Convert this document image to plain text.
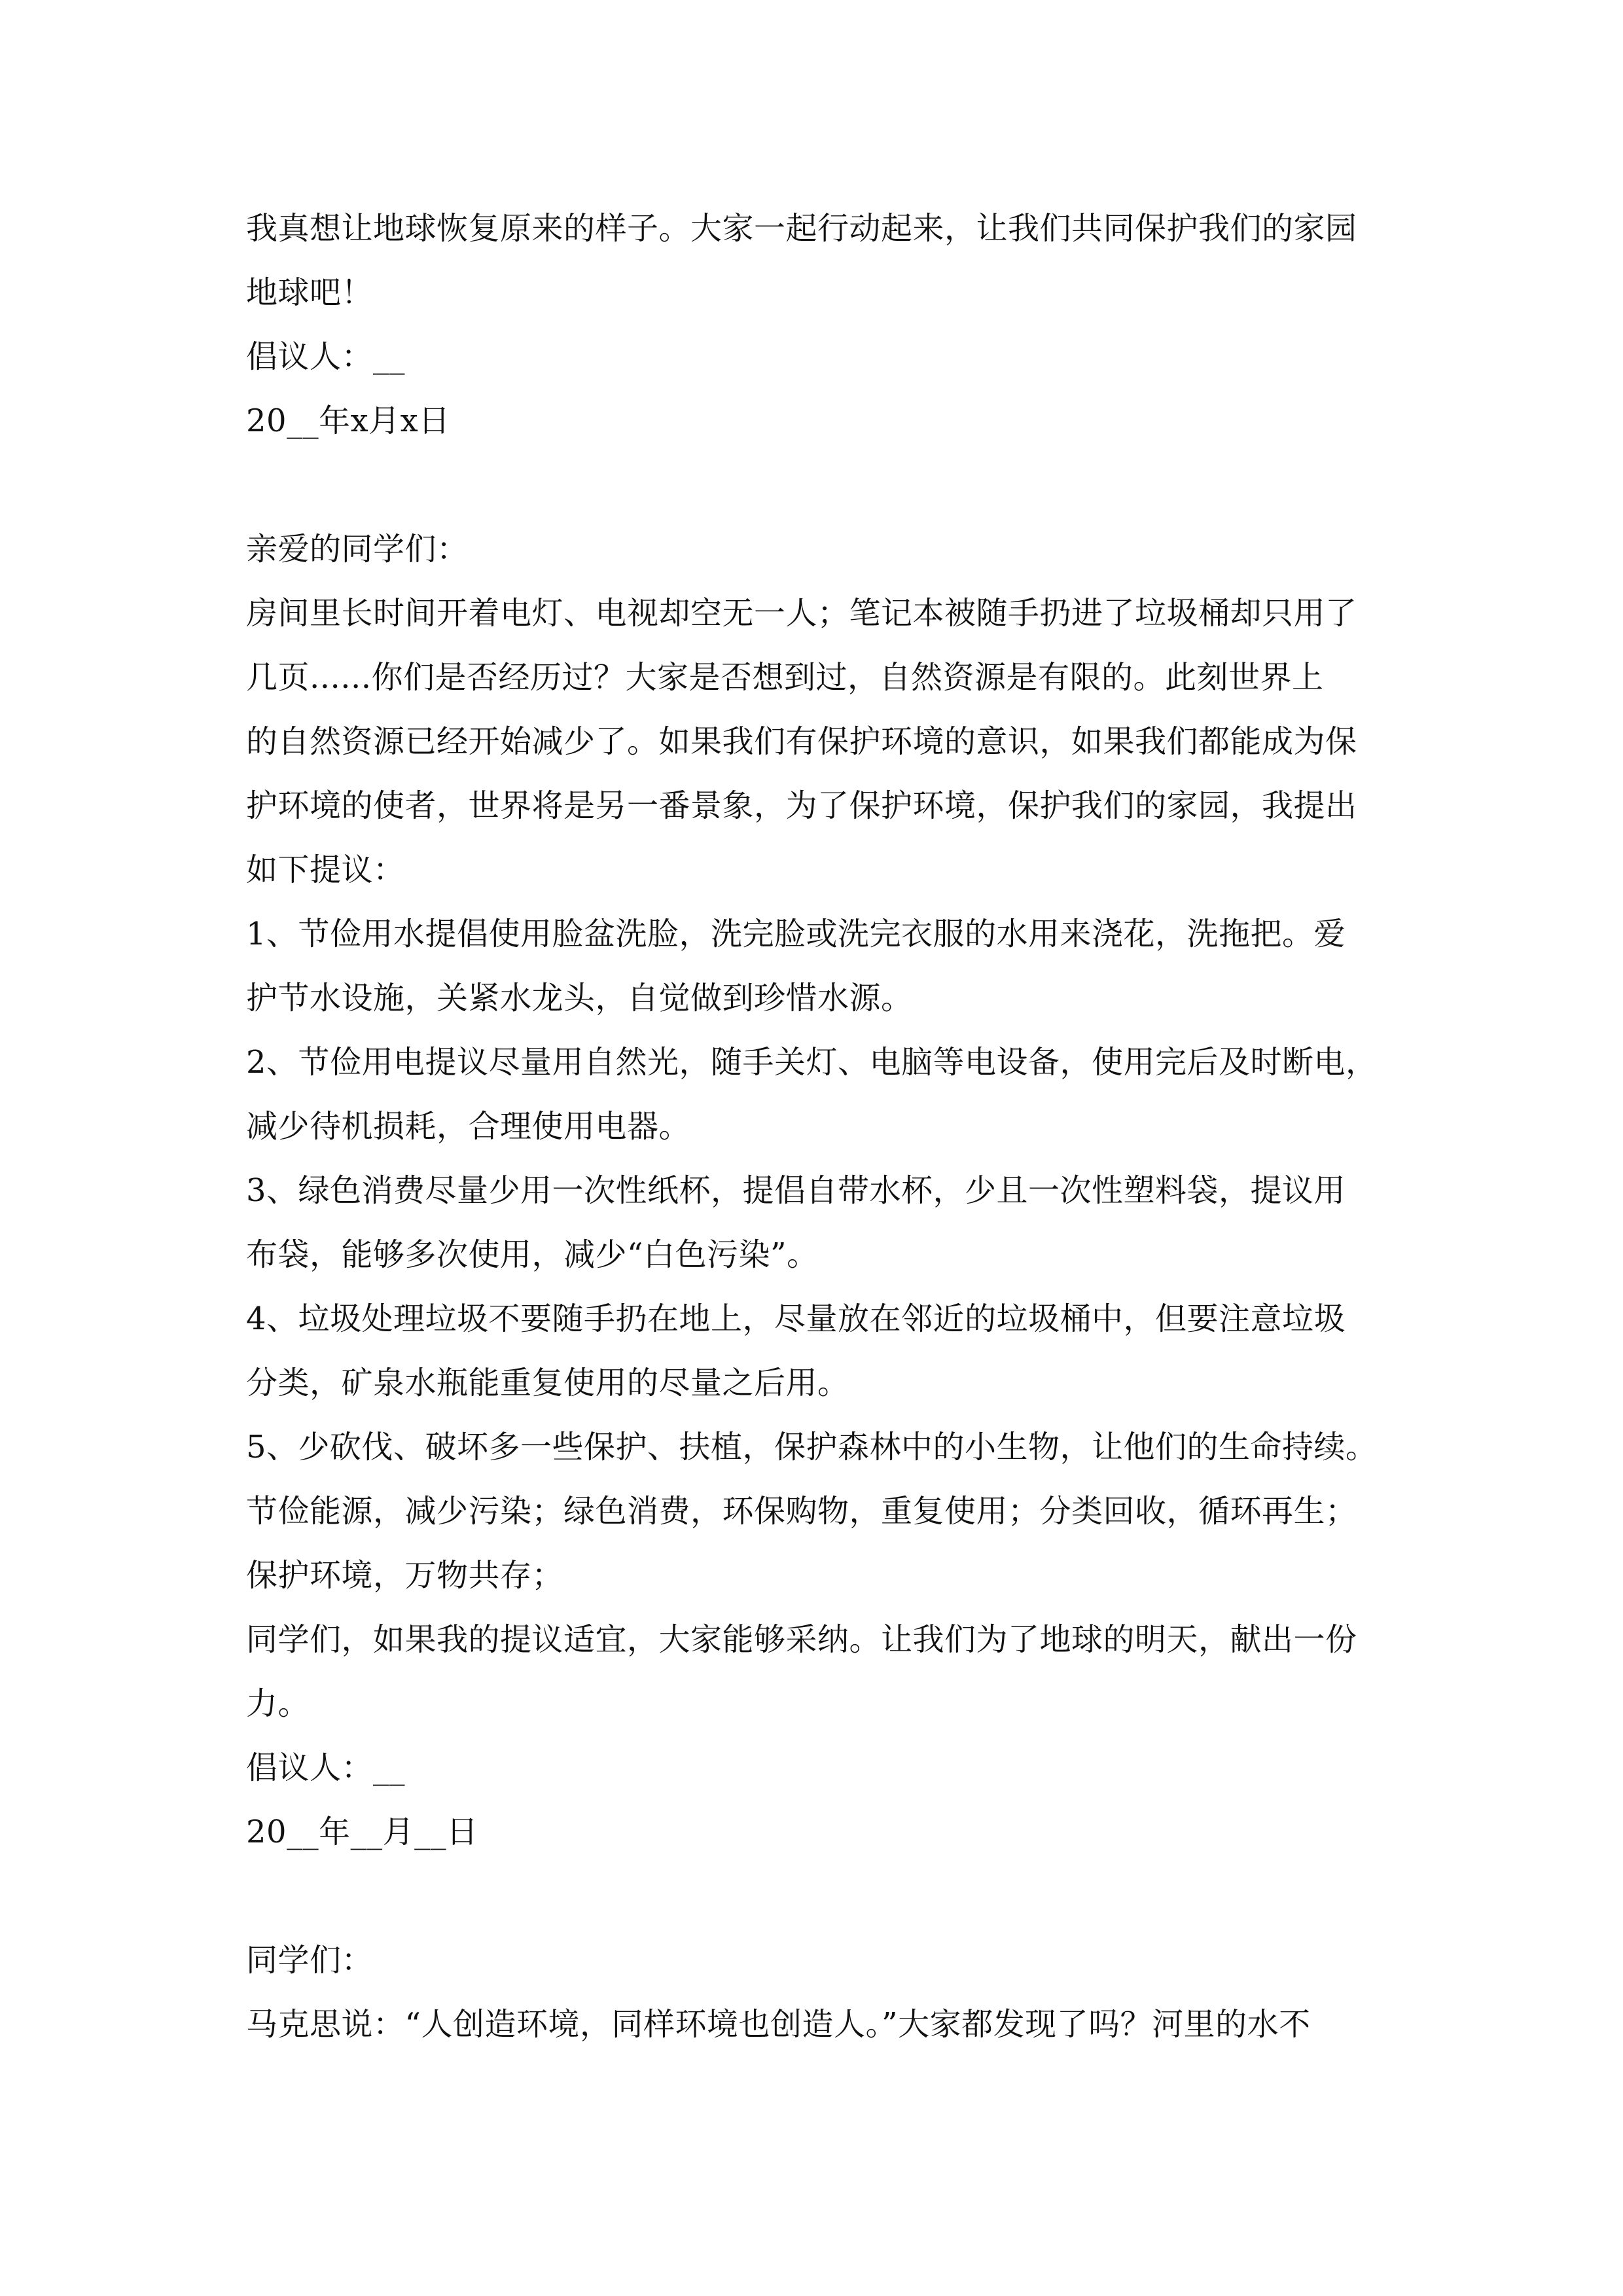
我真想让地球恢复原来的样子。大家一起行动起来，让我们共同保护我们的家园
地球吧！
倡议人：__
20__年x月x日
亲爱的同学们：
房间里长时间开着电灯、电视却空无一人；笔记本被随手扔进了垃圾桶却只用了
几页......你们是否经历过？大家是否想到过，自然资源是有限的。此刻世界上
的自然资源已经开始减少了。如果我们有保护环境的意识，如果我们都能成为保
护环境的使者，世界将是另一番景象，为了保护环境，保护我们的家园，我提出
如下提议：
1、节俭用水提倡使用脸盆洗脸，洗完脸或洗完衣服的水用来浇花，洗拖把。爱
护节水设施，关紧水龙头，自觉做到珍惜水源。
2、节俭用电提议尽量用自然光，随手关灯、电脑等电设备，使用完后及时断电，
减少待机损耗，合理使用电器。
3、绿色消费尽量少用一次性纸杯，提倡自带水杯，少且一次性塑料袋，提议用
布袋，能够多次使用，减少“白色污染”。
4、垃圾处理垃圾不要随手扔在地上，尽量放在邻近的垃圾桶中，但要注意垃圾
分类，矿泉水瓶能重复使用的尽量之后用。
5、少砍伐、破坏多一些保护、扶植，保护森林中的小生物，让他们的生命持续。
节俭能源，减少污染；绿色消费，环保购物，重复使用；分类回收，循环再生；
保护环境，万物共存；
同学们，如果我的提议适宜，大家能够采纳。让我们为了地球的明天，献出一份
力。
倡议人：__
20__年__月__日
同学们：
马克思说：“人创造环境，同样环境也创造人。”大家都发现了吗？河里的水不
